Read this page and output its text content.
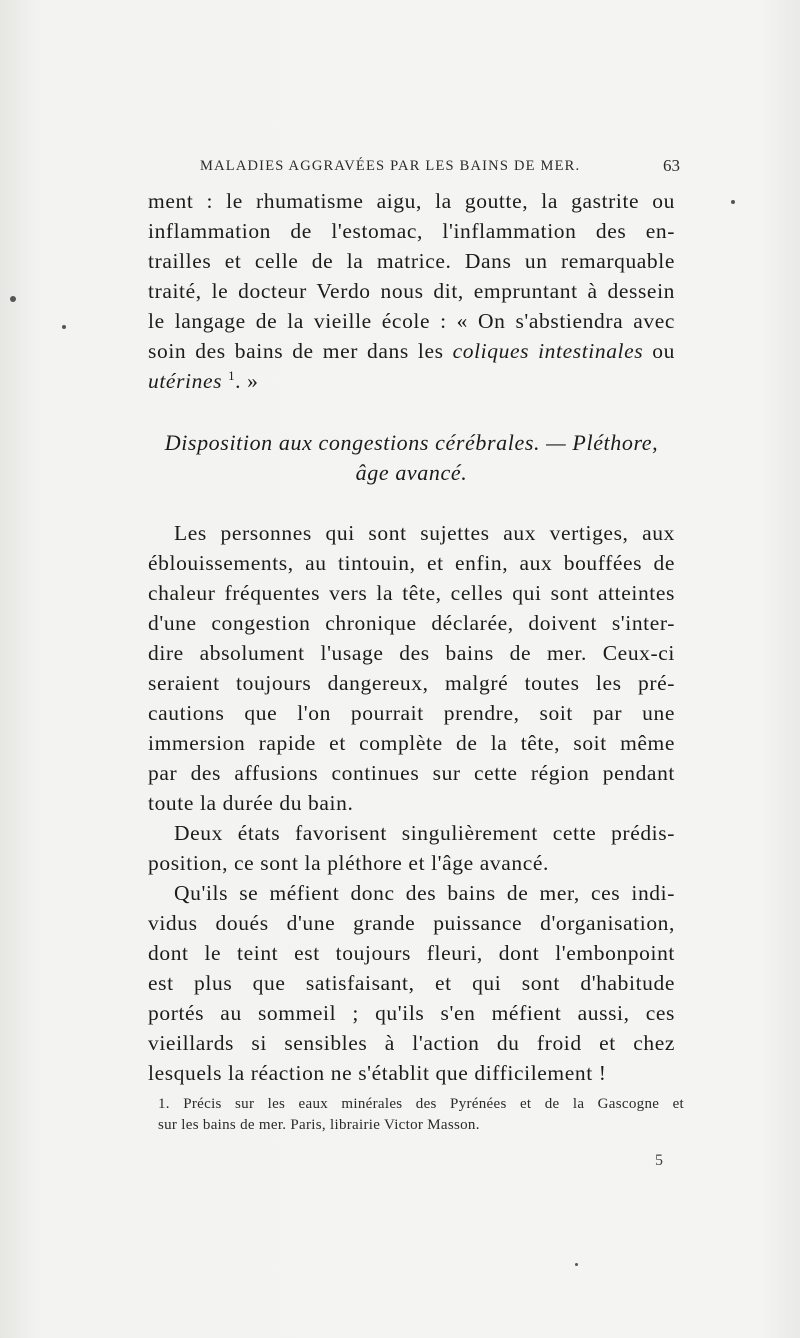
MALADIES AGGRAVÉES PAR LES BAINS DE MER.	63
ment : le rhumatisme aigu, la goutte, la gastrite ou
inflammation de l'estomac, l'inflammation des en-
trailles et celle de la matrice. Dans un remarquable
traité, le docteur Verdo nous dit, empruntant à dessein
le langage de la vieille école : « On s'abstiendra avec
soin des bains de mer dans les coliques intestinales ou
utérines $^1$. »
Disposition aux congestions cérébrales. — Pléthore,
âge avancé.
Les personnes qui sont sujettes aux vertiges, aux
éblouissements, au tintouin, et enfin, aux bouffées de
chaleur fréquentes vers la tête, celles qui sont atteintes
d'une congestion chronique déclarée, doivent s'inter-
dire absolument l'usage des bains de mer. Ceux-ci
seraient toujours dangereux, malgré toutes les pré-
cautions que l'on pourrait prendre, soit par une
immersion rapide et complète de la tête, soit même
par des affusions continues sur cette région pendant
toute la durée du bain.
Deux états favorisent singulièrement cette prédis-
position, ce sont la pléthore et l'âge avancé.
Qu'ils se méfient donc des bains de mer, ces indi-
vidus doués d'une grande puissance d'organisation,
dont le teint est toujours fleuri, dont l'embonpoint
est plus que satisfaisant, et qui sont d'habitude
portés au sommeil ; qu'ils s'en méfient aussi, ces
vieillards si sensibles à l'action du froid et chez
lesquels la réaction ne s'établit que difficilement !
1. Précis sur les eaux minérales des Pyrénées et de la Gascogne et
sur les bains de mer. Paris, librairie Victor Masson.
5
